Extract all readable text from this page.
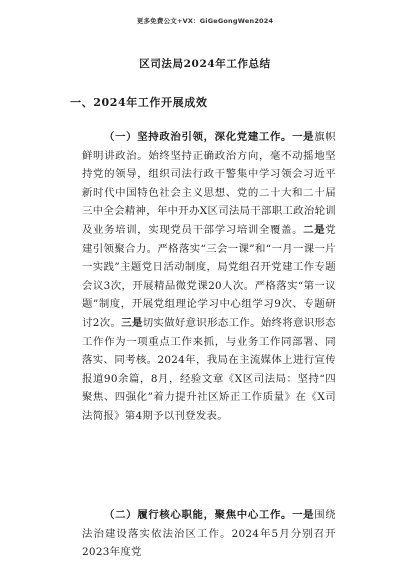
更多免费公文+VX：GiGeGongWen2024
区司法局2024年工作总结
一、2024年工作开展成效

（一）坚持政治引领，深化党建工作。一是旗帜鲜明讲政治。始终坚持正确政治方向，毫不动摇地坚持党的领导，组织司法行政干警集中学习领会习近平新时代中国特色社会主义思想、党的二十大和二十届三中全会精神，年中开办X区司法局干部职工政治轮训及业务培训，实现党员干部学习培训全覆盖。二是党建引领聚合力。严格落实“三会一课”和“一月一课一片一实践”主题党日活动制度，局党组召开党建工作专题会议3次，开展精品微党课20人次。严格落实“第一议题”制度，开展党组理论学习中心组学习9次、专题研讨2次。三是切实做好意识形态工作。始终将意识形态工作作为一项重点工作来抓，与业务工作同部署、同落实、同考核。2024年，我局在主流媒体上进行宣传报道90余篇，8月，经验文章《X区司法局：坚持“四聚焦、四强化”着力提升社区矫正工作质量》在《X司法简报》第4期予以刊登发表。

（二）履行核心职能，聚焦中心工作。一是围绕法治建设落实依法治区工作。2024年5月分别召开2023年度党
